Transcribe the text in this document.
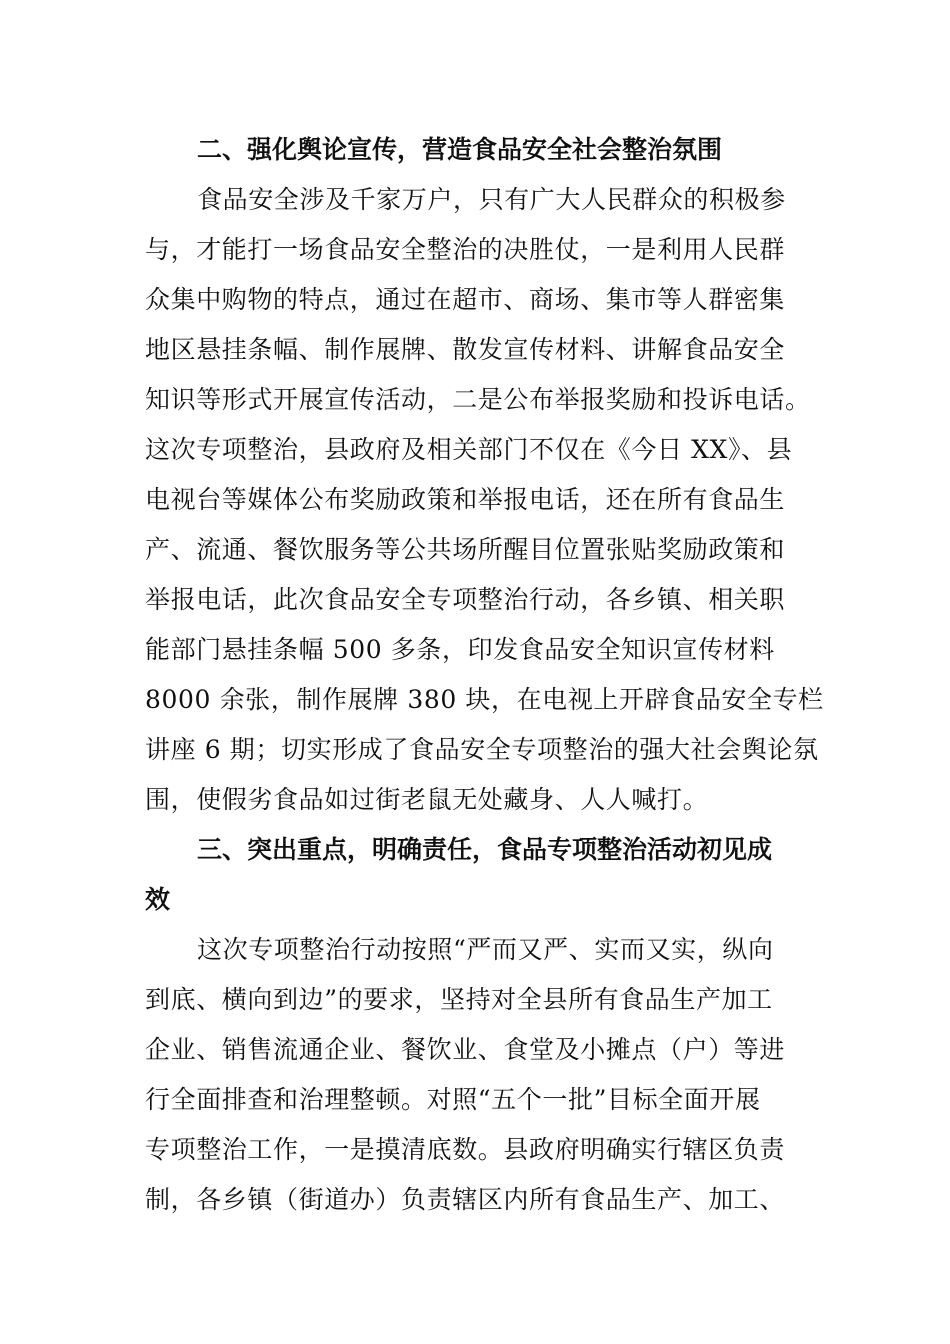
二、强化舆论宣传，营造食品安全社会整治氛围
食品安全涉及千家万户，只有广大人民群众的积极参
与，才能打一场食品安全整治的决胜仗，一是利用人民群
众集中购物的特点，通过在超市、商场、集市等人群密集
地区悬挂条幅、制作展牌、散发宣传材料、讲解食品安全
知识等形式开展宣传活动，二是公布举报奖励和投诉电话。
这次专项整治，县政府及相关部门不仅在《今日 XX》、县
电视台等媒体公布奖励政策和举报电话，还在所有食品生
产、流通、餐饮服务等公共场所醒目位置张贴奖励政策和
举报电话，此次食品安全专项整治行动，各乡镇、相关职
能部门悬挂条幅 500 多条，印发食品安全知识宣传材料
8000 余张，制作展牌 380 块，在电视上开辟食品安全专栏
讲座 6 期；切实形成了食品安全专项整治的强大社会舆论氛
围，使假劣食品如过街老鼠无处藏身、人人喊打。
三、突出重点，明确责任，食品专项整治活动初见成
效
这次专项整治行动按照“严而又严、实而又实，纵向
到底、横向到边”的要求，坚持对全县所有食品生产加工
企业、销售流通企业、餐饮业、食堂及小摊点（户）等进
行全面排查和治理整顿。对照“五个一批”目标全面开展
专项整治工作，一是摸清底数。县政府明确实行辖区负责
制，各乡镇（街道办）负责辖区内所有食品生产、加工、
